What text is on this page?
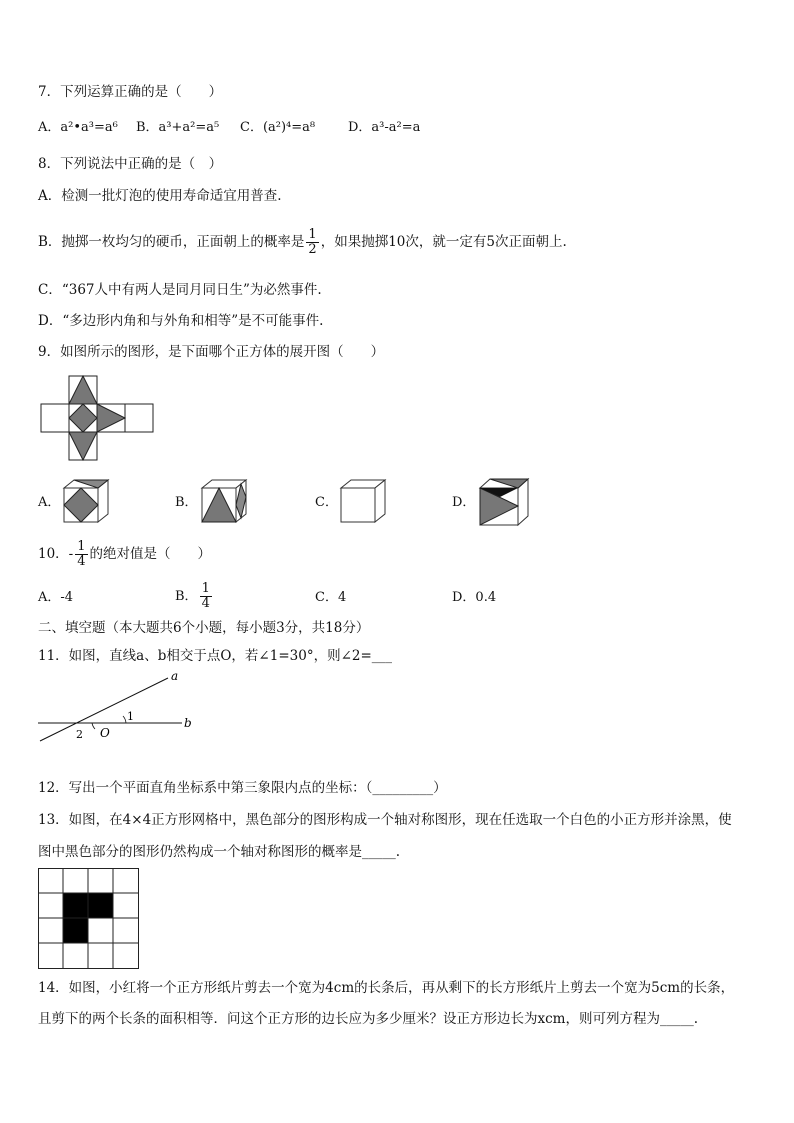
7．下列运算正确的是（　　）
A．a²•a³=a⁶ B．a³+a²=a⁵ C．(a²)⁴=a⁸	D．a³-a²=a
8．下列说法中正确的是（　）
A．检测一批灯泡的使用寿命适宜用普查.
B．抛掷一枚均匀的硬币，正面朝上的概率是 $\frac{1}{2}$ ，如果抛掷10次，就一定有5次正面朝上.
C．“367人中有两人是同月同日生”为必然事件.
D．“多边形内角和与外角和相等”是不可能事件.
9．如图所示的图形，是下面哪个正方体的展开图（　　）
A．	B．	C．	D．
10．- $\frac{1}{4}$ 的绝对值是（　　）
A．-4	B． $\frac{1}{4}$	C．4	D．0.4
二、填空题（本大题共6个小题，每小题3分，共18分）
11．如图，直线a、b相交于点O，若∠1=30°，则∠2=___
a
b
O
1
2
12．写出一个平面直角坐标系中第三象限内点的坐标：（_________）
13．如图，在4×4正方形网格中，黑色部分的图形构成一个轴对称图形，现在任选取一个白色的小正方形并涂黑，使
图中黑色部分的图形仍然构成一个轴对称图形的概率是_____.
14．如图，小红将一个正方形纸片剪去一个宽为4cm的长条后，再从剩下的长方形纸片上剪去一个宽为5cm的长条，
且剪下的两个长条的面积相等．问这个正方形的边长应为多少厘米？设正方形边长为xcm，则可列方程为_____.
